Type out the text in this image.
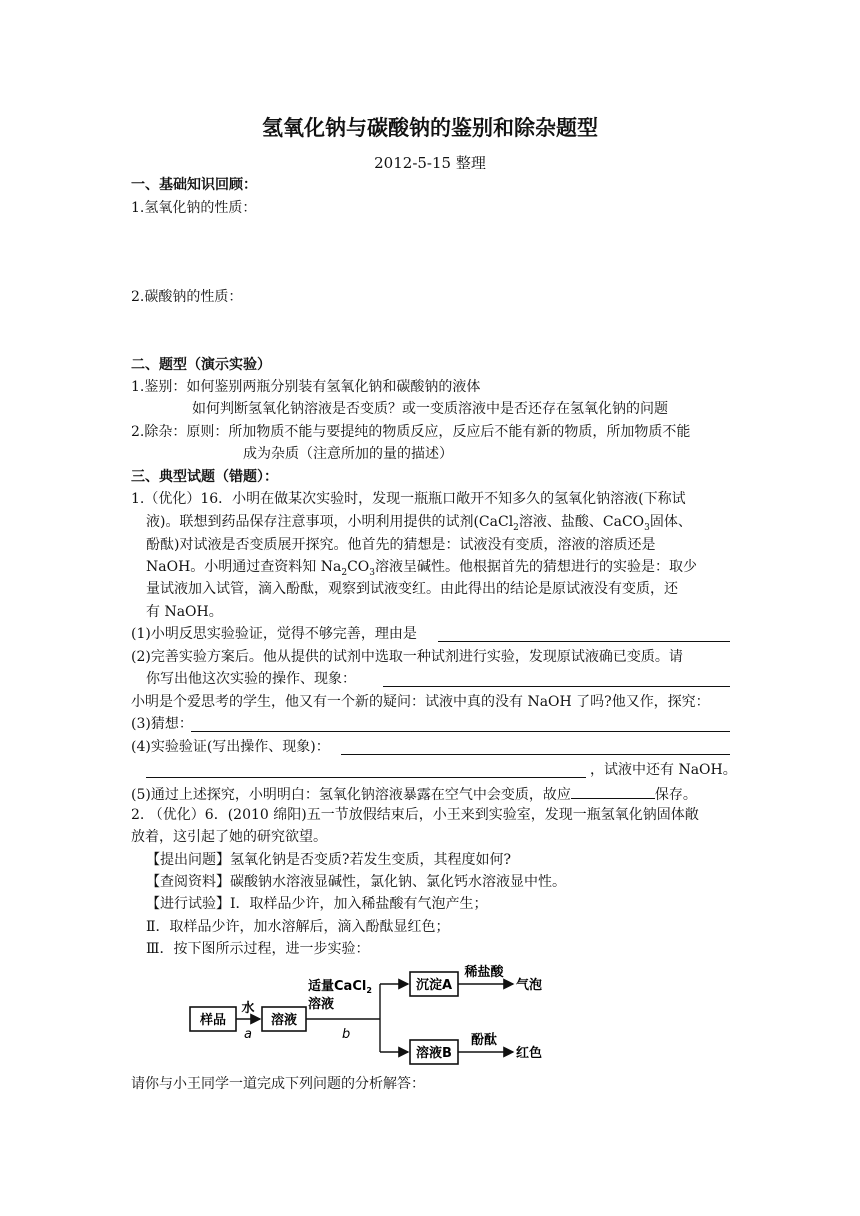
氢氧化钠与碳酸钠的鉴别和除杂题型
2012-5-15 整理
一、基础知识回顾：
1.氢氧化钠的性质：
2.碳酸钠的性质：
二、题型（演示实验）
1.鉴别：如何鉴别两瓶分别装有氢氧化钠和碳酸钠的液体
如何判断氢氧化钠溶液是否变质？或一变质溶液中是否还存在氢氧化钠的问题
2.除杂：原则：所加物质不能与要提纯的物质反应，反应后不能有新的物质，所加物质不能
成为杂质（注意所加的量的描述）
三、典型试题（错题）：
1.（优化）16．小明在做某次实验时，发现一瓶瓶口敞开不知多久的氢氧化钠溶液(下称试
液)。联想到药品保存注意事项，小明利用提供的试剂(CaCl$_2$溶液、盐酸、CaCO$_3$固体、
酚酞)对试液是否变质展开探究。他首先的猜想是：试液没有变质，溶液的溶质还是
NaOH。小明通过查资料知 $Na_2CO_3$溶液呈碱性。他根据首先的猜想进行的实验是：取少
量试液加入试管，滴入酚酞，观察到试液变红。由此得出的结论是原试液没有变质，还
有 NaOH。
(1)小明反思实验验证，觉得不够完善，理由是
(2)完善实验方案后。他从提供的试剂中选取一种试剂进行实验，发现原试液确已变质。请
你写出他这次实验的操作、现象：
小明是个爱思考的学生，他又有一个新的疑问：试液中真的没有 NaOH 了吗?他又作，探究：
(3)猜想：
(4)实验验证(写出操作、现象)：
，试液中还有 NaOH。
(5)通过上述探究，小明明白：氢氧化钠溶液暴露在空气中会变质，故应	保存。
2. （优化）6．(2010 绵阳)五一节放假结束后，小王来到实验室，发现一瓶氢氧化钠固体敞
放着，这引起了她的研究欲望。
【提出问题】氢氧化钠是否变质?若发生变质，其程度如何?
【查阅资料】碳酸钠水溶液显碱性，氯化钠、氯化钙水溶液显中性。
【进行试验】Ⅰ．取样品少许，加入稀盐酸有气泡产生；
Ⅱ．取样品少许，加水溶解后，滴入酚酞显红色；
Ⅲ．按下图所示过程，进一步实验：
样品
水
a
溶液
适量CaCl$_2$
溶液
b
沉淀A
稀盐酸
气泡
溶液B
酚酞
红色
请你与小王同学一道完成下列问题的分析解答：
